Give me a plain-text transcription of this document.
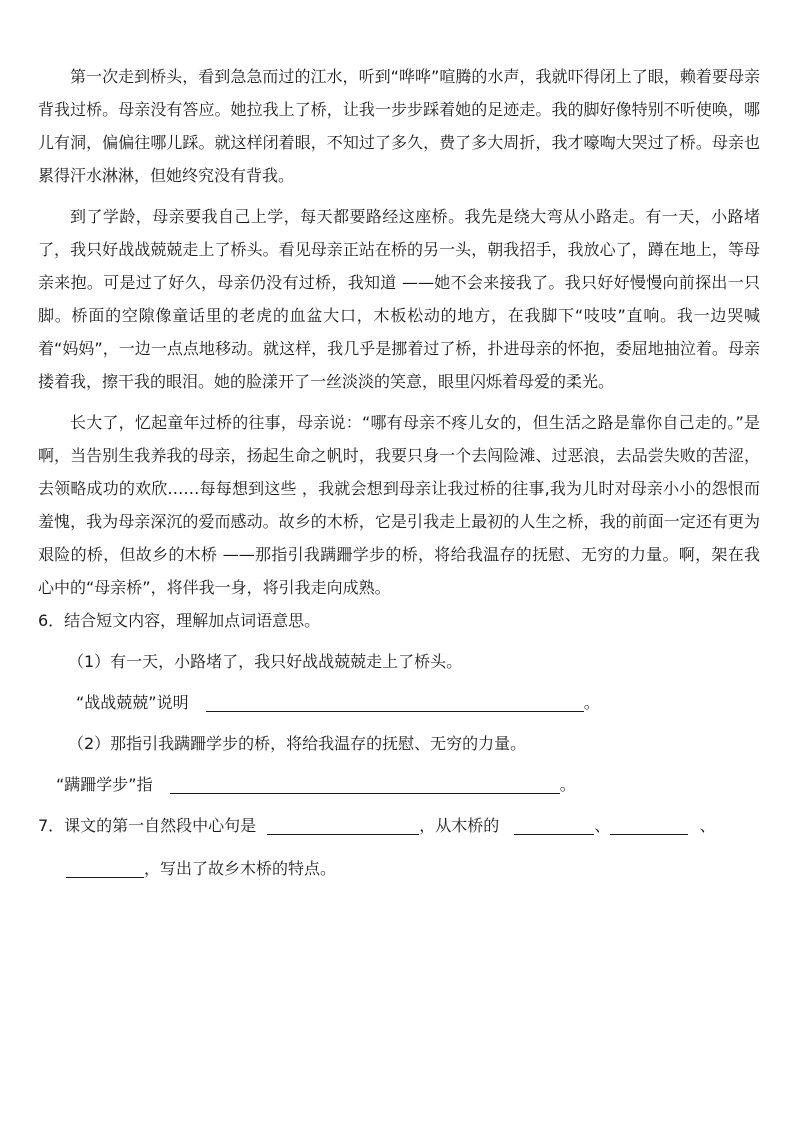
第一次走到桥头，看到急急而过的江水，听到“哗哗”喧腾的水声，我就吓得闭上了眼，赖着要母亲背我过桥。母亲没有答应。她拉我上了桥，让我一步步踩着她的足迹走。我的脚好像特别不听使唤，哪儿有洞，偏偏往哪儿踩。就这样闭着眼，不知过了多久，费了多大周折，我才嚎啕大哭过了桥。母亲也累得汗水淋淋，但她终究没有背我。

到了学龄，母亲要我自己上学，每天都要路经这座桥。我先是绕大弯从小路走。有一天，小路堵了，我只好战战兢兢走上了桥头。看见母亲正站在桥的另一头，朝我招手，我放心了，蹲在地上，等母亲来抱。可是过了好久，母亲仍没有过桥，我知道 ——她不会来接我了。我只好好慢慢向前探出一只脚。桥面的空隙像童话里的老虎的血盆大口，木板松动的地方，在我脚下“吱吱”直响。我一边哭喊着“妈妈”，一边一点点地移动。就这样，我几乎是挪着过了桥，扑进母亲的怀抱，委屈地抽泣着。母亲搂着我，擦干我的眼泪。她的脸漾开了一丝淡淡的笑意，眼里闪烁着母爱的柔光。

长大了，忆起童年过桥的往事，母亲说：“哪有母亲不疼儿女的，但生活之路是靠你自己走的。”是啊，当告别生我养我的母亲，扬起生命之帆时，我要只身一个去闯险滩、过恶浪，去品尝失败的苦涩，去领略成功的欢欣……每每想到这些 ，我就会想到母亲让我过桥的往事,我为儿时对母亲小小的怨恨而羞愧，我为母亲深沉的爱而感动。故乡的木桥，它是引我走上最初的人生之桥，我的前面一定还有更为艰险的桥，但故乡的木桥 ——那指引我蹒跚学步的桥，将给我温存的抚慰、无穷的力量。啊，架在我心中的“母亲桥”，将伴我一身，将引我走向成熟。

6．结合短文内容，理解加点词语意思。

（1）有一天，小路堵了，我只好战战兢兢走上了桥头。

“战战兢兢”说明	。

（2）那指引我蹒跚学步的桥，将给我温存的抚慰、无穷的力量。

“蹒跚学步”指	。
7．课文的第一自然段中心句是	，从木桥的	、	、
，写出了故乡木桥的特点。
